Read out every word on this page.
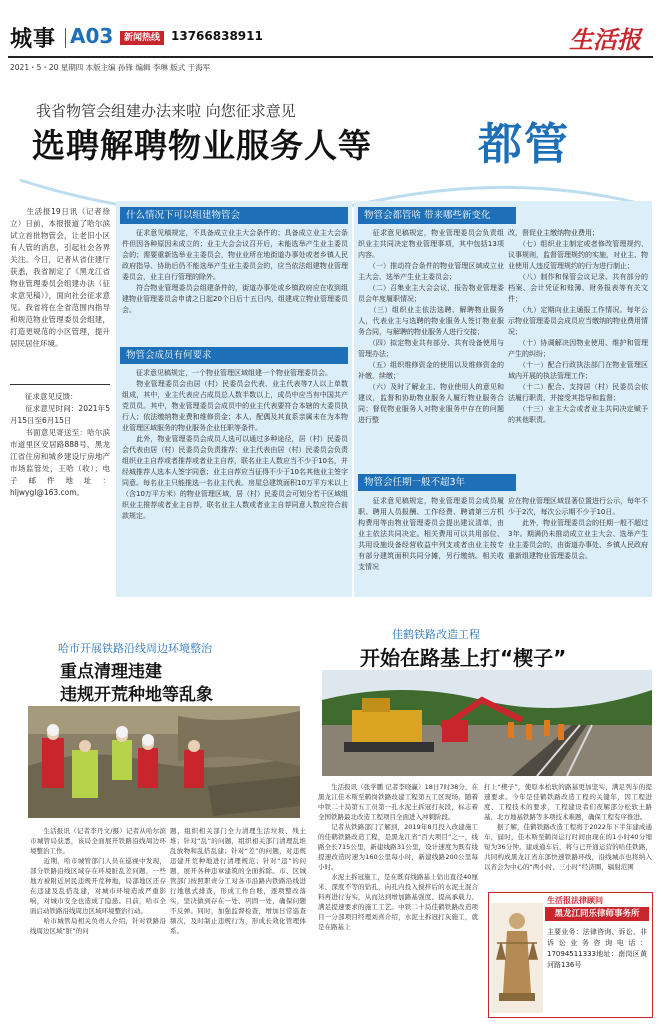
城事 A03	新闻热线 13766838911	生活报
2021・5・20 星期四 本版主编 孙锋 编辑 李琳 版式 于海军
我省物管会组建办法来啦 向您征求意见
选聘解聘物业服务人等 都管
　　生活报19日讯（记者徐立）日前，本报报道了哈尔滨试立首批物管会，让老旧小区有人管的消息，引起社会各界关注。今日，记者从省住建厅获悉，我省制定了《黑龙江省物业管理委员会组建办法（征求意见稿）》，面向社会征求意见。我省将在全省范围内指导和规范物业管理委员会组建，打造更规范的小区管理，提升居民居住环境。
　　征求意见反馈：
　　征求意见时间：2021年5月15日至6月15日
　　书面意见寄送至：哈尔滨市道里区安居路888号，黑龙江省住房和城乡建设厅房地产市场监管处，王哈（收）；电子邮件地址：hljwygl@163.com。
什么情况下可以组建物管会
　　征求意见稿规定，不具备成立业主大会条件的；具备成立业主大会条件但因各种原因未成立的；业主大会会议召开后，未能选举产生业主委员会的；需要重新选举业主委员会，物业业所在地街道办事处或者乡镇人民政府指导、协助后仍不能选举产生业主委员会的，应当依法组建物业管理委员会，业主自行管理的除外。
　　符合物业管理委员会组建条件的，街道办事处或乡镇政府应在收到组建物业管理委员会申请之日起20个日后十五日内，组建成立物业管理委员会。
物管会成员有何要求
　　征求意见稿规定，一个物业管理区域组建一个物业管理委员会。
　　物业管理委员会由居（村）民委员会代表、业主代表等7人以上单数组成，其中，业主代表应占成员总人数半数以上，成员中应当有中国共产党员员。其中，物业管理委员会成员中的业主代表要符合本辖的大委员执行人；依法缴纳物业费和维修资金；本人、配偶及其直系亲属未在为本物业管理区域服务的物业服务企业任职等条件。
　　此外，物业管理委员会成员人选可以通过多种途径，居（村）民委员会代表由居（村）民委员会负责推荐；业主代表由居（村）民委员会负责组织业主自荐或者推荐或者业主自荐，联名业主人数应当不少于10名，并经城推荐人选本人签字同意；业主自荐应当征得不少于10名其他业主签字同意。每名业主只能推选一名业主代表。房屋总建筑面积10万平方米以上（含10万平方米）的物业管理区域，居（村）民委员会可划分若干区域组织业主推荐或者业主自荐，联名业主人数或者业主自荐同意人数应符合前款规定。
物管会都管啥 带来哪些新变化
　　征求意见稿规定，物业管理委员会负责组织业主共同决定物业管理事项，其中包括13项内容。
　　（一）推动符合条件的物业管理区域成立业主大会、选举产生业主委员会；
　　（二）召集业主大会会议，报告物业管理委员会年度履职情况；
　　（三）组织业主依法选聘、解聘物业服务人，代表业主与选聘的物业服务人签订物业服务合同，与解聘的物业服务人进行交接；
　　（四）拟定物业共有部分、共有设备使用与管理办法；
　　（五）组织维修资金的使用以及维修资金的补缴、续缴；
　　（六）及时了解业主、物业使用人的意见和建议，监督和协助物业服务人履行物业服务合同；督促物业服务人对物业服务中存在的问题进行整
改，督促业主缴纳物业费用；
　　（七）组织业主制定或者修改管理规约、议事规则，监督管理规约的实施，对业主、物业使用人违反管理规约的行为进行制止；
　　（八）制作和保管会议记录、共有部分的档案、会计凭证和账簿、财务报表等有关文件；
　　（九）定期向业主通报工作情况。每年公示物业管理委员会成员应当缴纳的物业费用情况；
　　（十）协调解决因物业使用、维护和管理产生的纠纷；
　　（十一）配合行政执法部门在物业管理区域内开展的执法管理工作；
　　（十二）配合、支持居（村）民委员会依法履行职责，并接受其指导和监督；
　　（十三）业主大会或者业主共同决定赋予的其他职责。
物管会任期一般不超3年
　　征求意见稿规定，物业管理委员会成员履职、聘用人员报酬、工作经费、聘请第三方机构费用等由物业管理委员会提出建议清单，由业主依法共同决定。相关费用可以共用部位、共用设施设备经营收益中列支或者由业主按专有部分建筑面积共同分摊，另行缴纳。相关收支情况
应在物业管理区域显著位置进行公示，每年不少于2次，每次公示期不少于10日。
　　此外，物业管理委员会的任期一般不超过3年。期满仍未推动成立业主大会、选举产生业主委员会的，由街道办事处、乡镇人民政府重新组建物业管理委员会。
哈市开展铁路沿线周边环境整治
重点清理违建
违规开荒种地等乱象
　　生活报讯（记者李丹文/摄）记者从哈尔滨市城管局获悉，该局全面展开铁路沿线周边环境整治工作。
　　近期，哈市城管部门人员在巡视中发现，部分铁路沿线区域存在环境脏乱差问题，一些地方被附近居民违规开荒种地，局部地区还存在违建及乱搭乱建，对城市环境造成严重影响，对城市安全也造成了隐患。目前，哈市全面启动铁路沿线周边区域环境整治行动。
　　哈市城管局相关负责人介绍，针对铁路沿线周边区域“脏”的问
题，组织相关部门全力清理生活垃圾、残土堆；针对“乱”的问题，组织相关部门清理乱堆乱放物和乱搭乱建；针对“差”的问题，对违规违建开荒种地进行清理规范；针对“违”的问题，展开各种违章建筑的全面拆除。市、区城管部门按照职责分工对各市沿路内铁路沿线进行地毯式排查，形成工作台账，逐项整改落实，坚决做到存在一处、巩固一处，确保问题不反弹。同时，加强监督检查，增加日常巡查频次，及时制止违规行为，形成长效化管理体系。
佳鹤铁路改造工程
开始在路基上打“楔子”
　　生活报讯（张学鹏 记者李晓赢）18日7时38分，在黑龙江佳木斯至鹤岗铁路改建工程第五工区现场，随着中铁二十局第五工员第一孔水泥土拆冠打灰段，标志着全国铁路最北改造工程项目全面进入冲刺阶段。
　　记者从铁路部门了解到，2019年8月投入改建施工的佳鹤铁路改造工程，是黑龙江省“百大项目”之一，线路全长715公里，新建线路31公里，设计速度为既有线提速改造时速为160公里每小时，新建线路200公里每小时。
　　水泥土拆冠施工，是在既有线路基上钻出直径40厘米、深度不等的钻孔，向孔内投入搅拌后的水泥土混合料再进行夯实，从而达到增加路基强度、提高承载力、满足提速要求的施工工艺。中铁二十局佳鹤铁路改造项目一分部项目经理刘喜介绍，水泥土拆冠打灰施工，就是在路基上
打上“楔子”，使原本松软的路基更加坚实，满足列车的提速要求。今年是佳鹤铁路改造工程的关键年，因工程进度、工程技术的要求，工程建设者们夜解部分松软土路基、北方地基铁路等多项技术难题，确保工程有序推进。
　　据了解，佳鹤铁路改造工程将于2022年下半年建成通车，届时，佳木斯至鹤岗运行时间由现在的1小时40分缩短为36分钟。建成通车后，将与已开通运营的哈佳铁路，共同构成黑龙江省东部快速铁路环线，沿线城市也将纳入以省会为中心的“两小时、三小时”经济圈，辐射范围
生活报法律顾问
黑龙江同乐律师事务所
主要业务：法律咨询、诉讼、非诉讼业务咨询电话：17094511333地址：南岗区黄河路136号
